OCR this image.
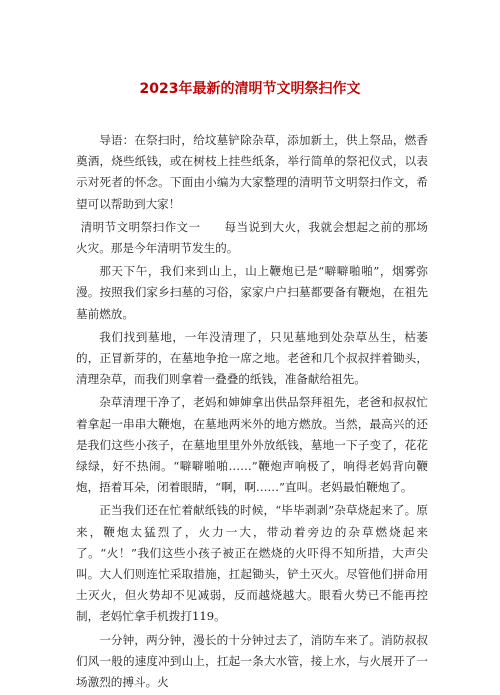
2023年最新的清明节文明祭扫作文

导语：在祭扫时，给坟墓铲除杂草，添加新土，供上祭品，燃香奠酒，烧些纸钱，或在树枝上挂些纸条，举行简单的祭祀仪式，以表示对死者的怀念。下面由小编为大家整理的清明节文明祭扫作文，希望可以帮助到大家！

清明节文明祭扫作文一　　每当说到大火，我就会想起之前的那场火灾。那是今年清明节发生的。

那天下午，我们来到山上，山上鞭炮已是“噼噼啪啪”，烟雾弥漫。按照我们家乡扫墓的习俗，家家户户扫墓都要备有鞭炮，在祖先墓前燃放。

我们找到墓地，一年没清理了，只见墓地到处杂草丛生，枯萎的，正冒新芽的，在墓地争抢一席之地。老爸和几个叔叔拌着锄头，清理杂草，而我们则拿着一叠叠的纸钱，准备献给祖先。

杂草清理干净了，老妈和婶婶拿出供品祭拜祖先，老爸和叔叔忙着拿起一串串大鞭炮，在墓地两米外的地方燃放。当然，最高兴的还是我们这些小孩子，在墓地里里外外放纸钱，墓地一下子变了，花花绿绿，好不热闹。“噼噼啪啪……”鞭炮声响极了，响得老妈背向鞭炮，捂着耳朵，闭着眼睛，“啊，啊……”直叫。老妈最怕鞭炮了。

正当我们还在忙着献纸钱的时候，“毕毕剥剥”杂草烧起来了。原来，鞭炮太猛烈了，火力一大，带动着旁边的杂草燃烧起来了。“火！”我们这些小孩子被正在燃烧的火吓得不知所措，大声尖叫。大人们则连忙采取措施，扛起锄头，铲土灭火。尽管他们拼命用土灭火，但火势却不见减弱，反而越烧越大。眼看火势已不能再控制，老妈忙拿手机拨打119。

一分钟，两分钟，漫长的十分钟过去了，消防车来了。消防叔叔们风一般的速度冲到山上，扛起一条大水管，接上水，与火展开了一场激烈的搏斗。火
